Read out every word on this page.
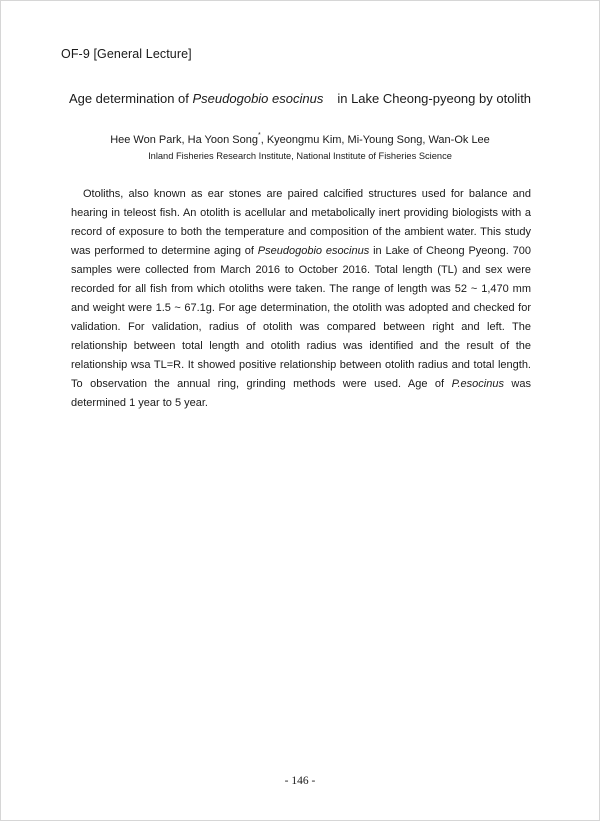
OF-9 [General Lecture]
Age determination of Pseudogobio esocinus in Lake Cheong-pyeong by otolith
Hee Won Park, Ha Yoon Song*, Kyeongmu Kim, Mi-Young Song, Wan-Ok Lee
Inland Fisheries Research Institute, National Institute of Fisheries Science

Otoliths, also known as ear stones are paired calcified structures used for balance and hearing in teleost fish. An otolith is acellular and metabolically inert providing biologists with a record of exposure to both the temperature and composition of the ambient water. This study was performed to determine aging of Pseudogobio esocinus in Lake of Cheong Pyeong. 700 samples were collected from March 2016 to October 2016. Total length (TL) and sex were recorded for all fish from which otoliths were taken. The range of length was 52 ~ 1,470 mm and weight were 1.5 ~ 67.1g. For age determination, the otolith was adopted and checked for validation. For validation, radius of otolith was compared between right and left. The relationship between total length and otolith radius was identified and the result of the relationship wsa TL=R. It showed positive relationship between otolith radius and total length. To observation the annual ring, grinding methods were used. Age of P.esocinus was determined 1 year to 5 year.

- 146 -
